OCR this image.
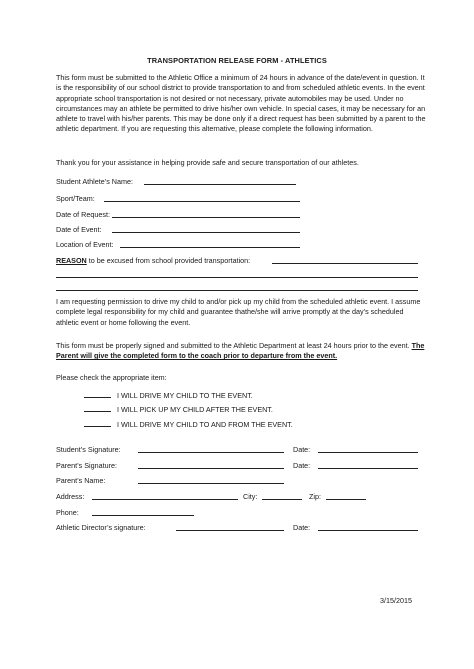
TRANSPORTATION RELEASE FORM - ATHLETICS

This form must be submitted to the Athletic Office a minimum of 24 hours in advance of the date/event in question. It is the responsibility of our school district to provide transportation to and from scheduled athletic events. In the event appropriate school transportation is not desired or not necessary, private automobiles may be used. Under no circumstances may an athlete be permitted to drive his/her own vehicle. In special cases, it may be necessary for an athlete to travel with his/her parents. This may be done only if a direct request has been submitted by a parent to the athletic department. If you are requesting this alternative, please complete the following information.

Thank you for your assistance in helping provide safe and secure transportation of our athletes.

Student Athlete’s Name:
Sport/Team:
Date of Request:
Date of Event:
Location of Event:
REASON to be excused from school provided transportation:

I am requesting permission to drive my child to and/or pick up my child from the scheduled athletic event. I assume complete legal responsibility for my child and guarantee thathe/she will arrive promptly at the day’s scheduled athletic event or home following the event.

This form must be properly signed and submitted to the Athletic Department at least 24 hours prior to the event. The Parent will give the completed form to the coach prior to departure from the event.

Please check the appropriate item:

I WILL DRIVE MY CHILD TO THE EVENT.
I WILL PICK UP MY CHILD AFTER THE EVENT.
I WILL DRIVE MY CHILD TO AND FROM THE EVENT.
Student’s Signature:	Date:
Parent’s Signature:	Date:
Parent’s Name:
Address:	City:	Zip:
Phone:
Athletic Director’s signature:	Date:
3/15/2015
